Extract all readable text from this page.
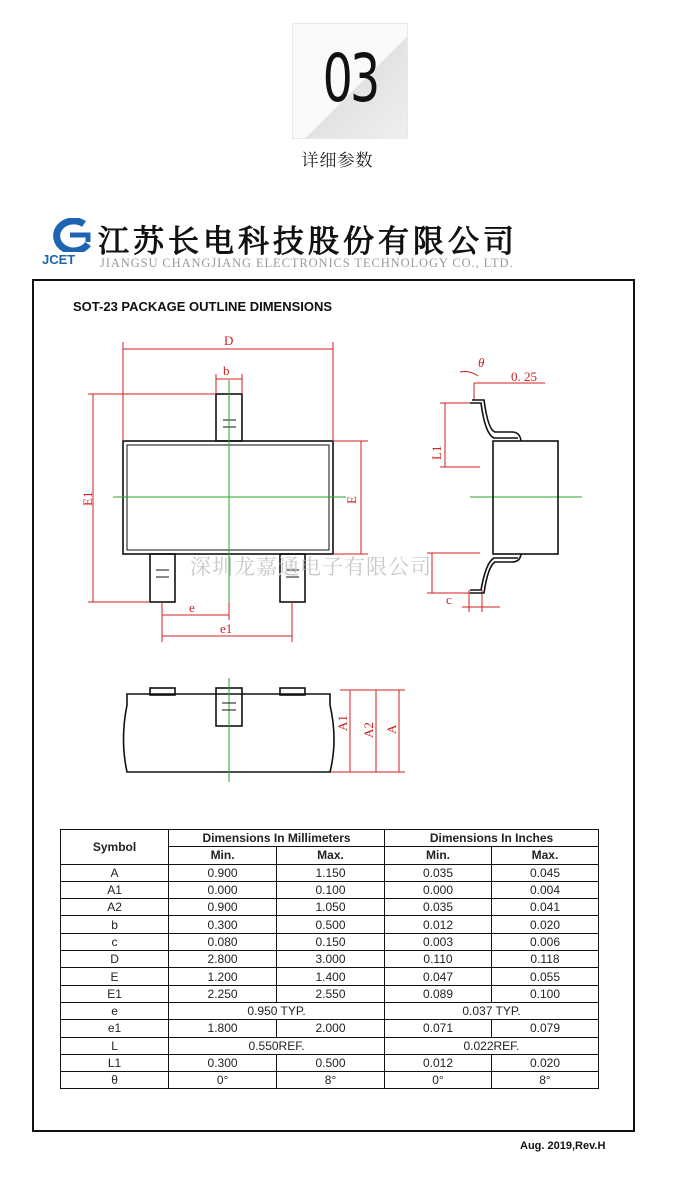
03
详细参数
JCET 江苏长电科技股份有限公司
JIANGSU CHANGJIANG ELECTRONICS TECHNOLOGY CO., LTD.
SOT-23 PACKAGE OUTLINE DIMENSIONS
D
b
E1	E
e
e1
θ
0. 25
L1
c
A1 A2 A
深圳龙嘉通电子有限公司
Symbol	Dimensions In Millimeters		Dimensions In Inches	
	Min.	Max.	Min.	Max.
A	0.900	1.150	0.035	0.045
A1	0.000	0.100	0.000	0.004
A2	0.900	1.050	0.035	0.041
b	0.300	0.500	0.012	0.020
c	0.080	0.150	0.003	0.006
D	2.800	3.000	0.110	0.118
E	1.200	1.400	0.047	0.055
E1	2.250	2.550	0.089	0.100
e	0.950 TYP.		0.037 TYP.	
e1	1.800	2.000	0.071	0.079
L	0.550REF.		0.022REF.	
L1	0.300	0.500	0.012	0.020
θ	0°	8°	0°	8°
Aug. 2019,Rev.H
